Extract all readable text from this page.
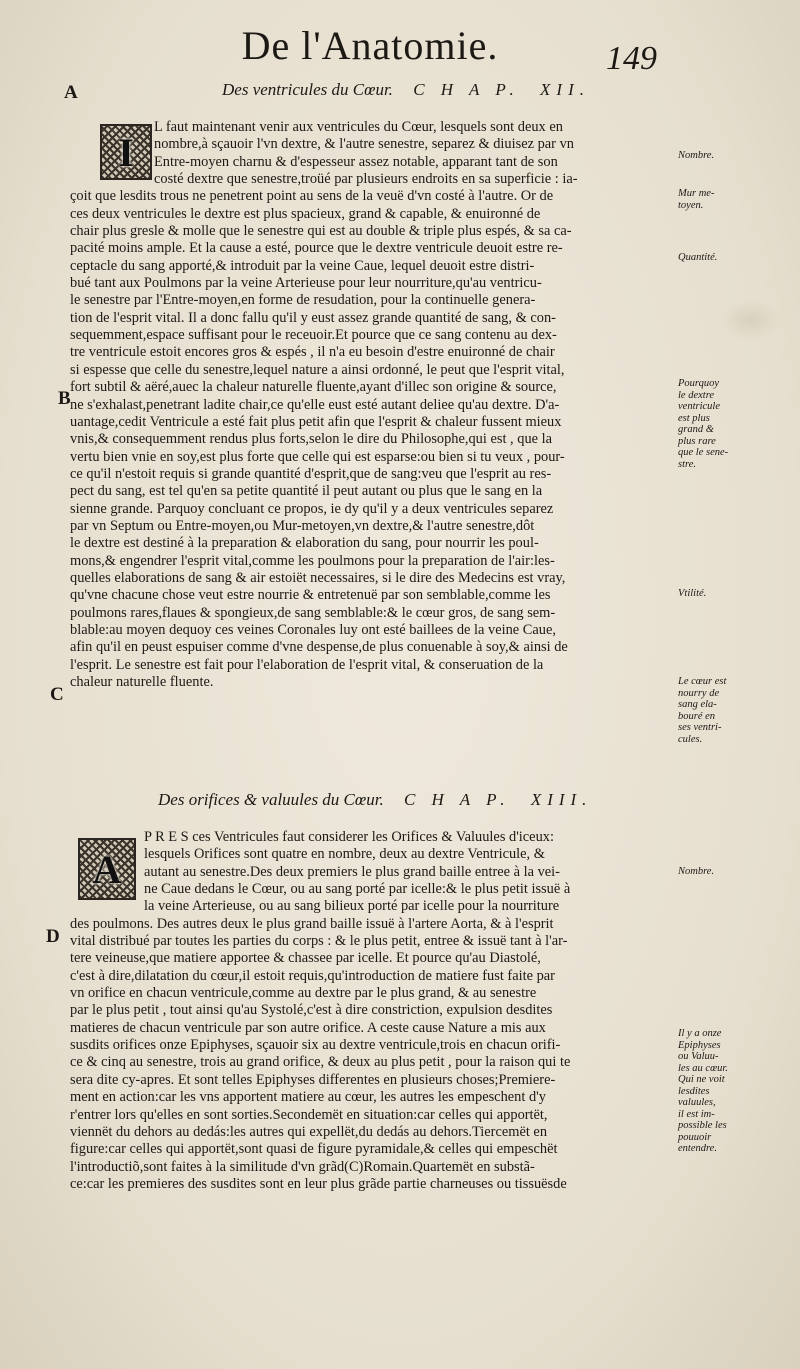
De l'Anatomie.	149
A
B
C
D
Des ventricules du Cœur. C H A P. XII.
I
L faut maintenant venir aux ventricules du Cœur, lesquels sont deux en
nombre,à sçauoir l'vn dextre, & l'autre senestre, separez & diuisez par vn
Entre-moyen charnu & d'espesseur assez notable, apparant tant de son
costé dextre que senestre,troüé par plusieurs endroits en sa superficie : ia-
çoit que lesdits trous ne penetrent point au sens de la veuë d'vn costé à l'autre. Or de
ces deux ventricules le dextre est plus spacieux, grand & capable, & enuironné de
chair plus gresle & molle que le senestre qui est au double & triple plus espés, & sa ca-
pacité moins ample. Et la cause a esté, pource que le dextre ventricule deuoit estre re-
ceptacle du sang apporté,& introduit par la veine Caue, lequel deuoit estre distri-
bué tant aux Poulmons par la veine Arterieuse pour leur nourriture,qu'au ventricu-
le senestre par l'Entre-moyen,en forme de resudation, pour la continuelle genera-
tion de l'esprit vital. Il a donc fallu qu'il y eust assez grande quantité de sang, & con-
sequemment,espace suffisant pour le receuoir.Et pource que ce sang contenu au dex-
tre ventricule estoit encores gros & espés , il n'a eu besoin d'estre enuironné de chair
si espesse que celle du senestre,lequel nature a ainsi ordonné, le peut que l'esprit vital,
fort subtil & aëré,auec la chaleur naturelle fluente,ayant d'illec son origine & source,
ne s'exhalast,penetrant ladite chair,ce qu'elle eust esté autant deliee qu'au dextre. D'a-
uantage,cedit Ventricule a esté fait plus petit afin que l'esprit & chaleur fussent mieux
vnis,& consequemment rendus plus forts,selon le dire du Philosophe,qui est , que la
vertu bien vnie en soy,est plus forte que celle qui est esparse:ou bien si tu veux , pour-
ce qu'il n'estoit requis si grande quantité d'esprit,que de sang:veu que l'esprit au res-
pect du sang, est tel qu'en sa petite quantité il peut autant ou plus que le sang en la
sienne grande. Parquoy concluant ce propos, ie dy qu'il y a deux ventricules separez
par vn Septum ou Entre-moyen,ou Mur-metoyen,vn dextre,& l'autre senestre,dôt
le dextre est destiné à la preparation & elaboration du sang, pour nourrir les poul-
mons,& engendrer l'esprit vital,comme les poulmons pour la preparation de l'air:les-
quelles elaborations de sang & air estoiët necessaires, si le dire des Medecins est vray,
qu'vne chacune chose veut estre nourrie & entretenuë par son semblable,comme les
poulmons rares,flaues & spongieux,de sang semblable:& le cœur gros, de sang sem-
blable:au moyen dequoy ces veines Coronales luy ont esté baillees de la veine Caue,
afin qu'il en peust espuiser comme d'vne despense,de plus conuenable à soy,& ainsi de
l'esprit. Le senestre est fait pour l'elaboration de l'esprit vital, & conseruation de la
chaleur naturelle fluente.
Nombre.
Mur me-
toyen.
Quantité.
Pourquoy
le dextre
ventricule
est plus
grand &
plus rare
que le sene-
stre.
Vtilité.
Le cœur est
nourry de
sang ela-
bouré en
ses ventri-
cules.
Des orifices & valuules du Cœur. C H A P. XIII.
A
P R E S ces Ventricules faut considerer les Orifices & Valuules d'iceux:
lesquels Orifices sont quatre en nombre, deux au dextre Ventricule, &
autant au senestre.Des deux premiers le plus grand baille entree à la vei-
ne Caue dedans le Cœur, ou au sang porté par icelle:& le plus petit issuë à
la veine Arterieuse, ou au sang bilieux porté par icelle pour la nourriture
des poulmons. Des autres deux le plus grand baille issuë à l'artere Aorta, & à l'esprit
vital distribué par toutes les parties du corps : & le plus petit, entree & issuë tant à l'ar-
tere veineuse,que matiere apportee & chassee par icelle. Et pource qu'au Diastolé,
c'est à dire,dilatation du cœur,il estoit requis,qu'introduction de matiere fust faite par
vn orifice en chacun ventricule,comme au dextre par le plus grand, & au senestre
par le plus petit , tout ainsi qu'au Systolé,c'est à dire constriction, expulsion desdites
matieres de chacun ventricule par son autre orifice. A ceste cause Nature a mis aux
susdits orifices onze Epiphyses, sçauoir six au dextre ventricule,trois en chacun orifi-
ce & cinq au senestre, trois au grand orifice, & deux au plus petit , pour la raison qui te
sera dite cy-apres. Et sont telles Epiphyses differentes en plusieurs choses;Premiere-
ment en action:car les vns apportent matiere au cœur, les autres les empeschent d'y
r'entrer lors qu'elles en sont sorties.Secondemët en situation:car celles qui apportët,
viennët du dehors au dedás:les autres qui expellët,du dedás au dehors.Tiercemët en
figure:car celles qui apportët,sont quasi de figure pyramidale,& celles qui empeschët
l'introductiõ,sont faites à la similitude d'vn grãd(C)Romain.Quartemët en substã-
ce:car les premieres des susdites sont en leur plus grãde partie charneuses ou tissuësde
Nombre.
Il y a onze
Epiphyses
ou Valuu-
les au cœur.
Qui ne voit
lesdites
valuules,
il est im-
possible les
pouuoir
entendre.
